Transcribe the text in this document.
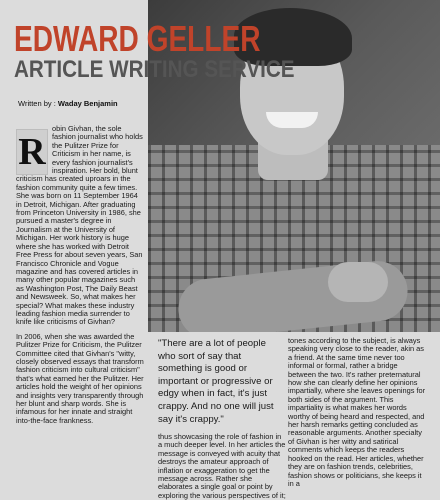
EDWARD GELLER
ARTICLE WRITING SERVICE
Written by : Waday Benjamin
R

obin Givhan, the sole fashion journalist who holds the Pulitzer Prize for Criticism in her name, is every fashion journalist's inspiration. Her bold, blunt criticism has created uproars in the fashion community quite a few times. She was born on 11 September 1964 in Detroit, Michigan. After graduating from Princeton University in 1986, she pursued a master's degree in Journalism at the University of Michigan. Her work history is huge where she has worked with Detroit Free Press for about seven years, San Francisco Chronicle and Vogue magazine and has covered articles in many other popular magazines such as Washington Post, The Daily Beast and Newsweek. So, what makes her special? What makes these industry leading fashion media surrender to knife like criticisms of Givhan?

In 2006, when she was awarded the Pulitzer Prize for Criticism, the Pulitzer Committee cited that Givhan's "witty, closely observed essays that transform fashion criticism into cultural criticism" that's what earned her the Pulitzer. Her articles hold the weight of her opinions and insights very transparently through her blunt and sharp words. She is infamous for her innate and straight into-the-face frankness.

"There are a lot of people who sort of say that something is good or important or progressive or edgy when in fact, it's just crappy. And no one will just say it's crappy."

thus showcasing the role of fashion in a much deeper level. In her articles the message is conveyed with acuity that destroys the amateur approach of inflation or exaggeration to get the message across. Rather she elaborates a single goal or point by exploring the various perspectives of it;

tones according to the subject, is always speaking very close to the reader, akin as a friend. At the same time never too informal or formal, rather a bridge between the two. It's rather preternatural how she can clearly define her opinions impartially, where she leaves openings for both sides of the argument. This impartiality is what makes her words worthy of being heard and respected, and her harsh remarks getting concluded as reasonable arguments. Another specialty of Givhan is her witty and satirical comments which keeps the readers hooked on the read. Her articles, whether they are on fashion trends, celebrities, fashion shows or politicians, she keeps it in a
